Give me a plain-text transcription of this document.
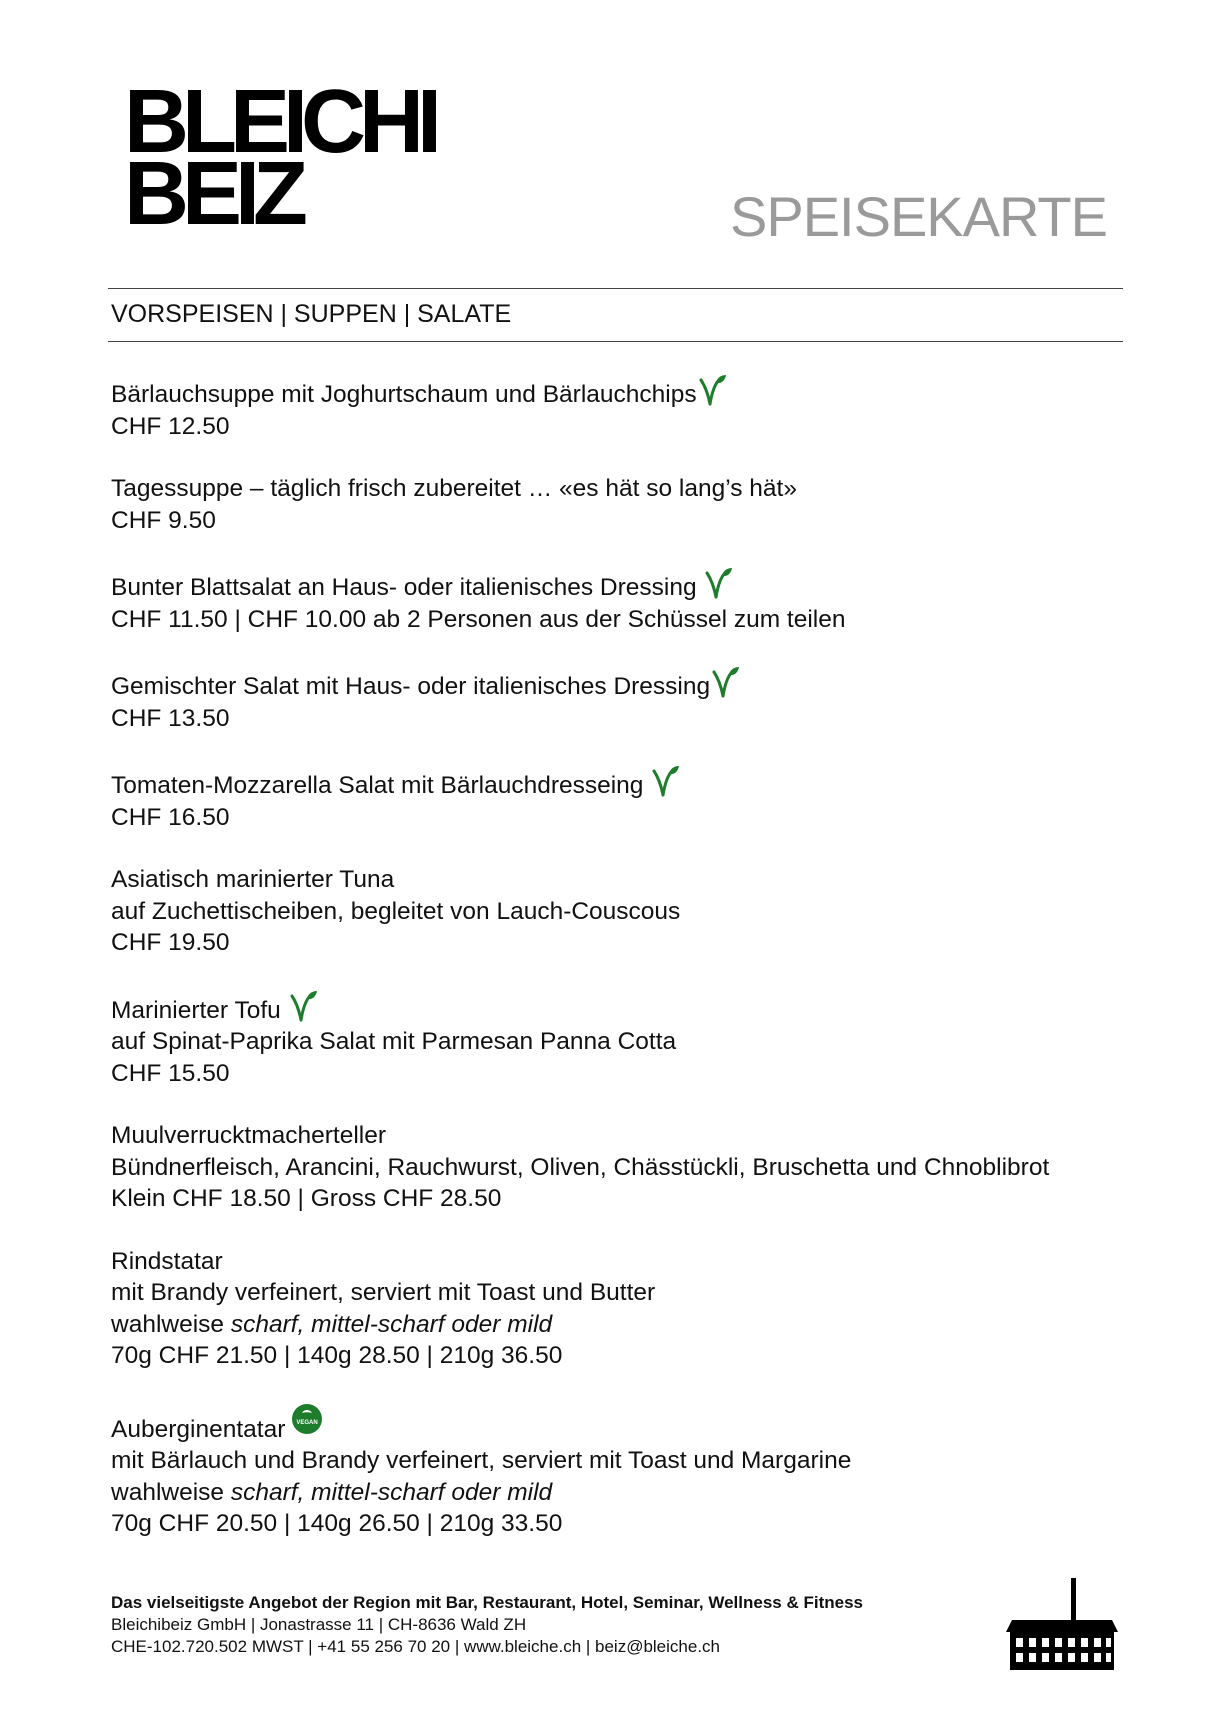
BLEICHI
BEIZ	SPEISEKARTE
VORSPEISEN | SUPPEN | SALATE
Bärlauchsuppe mit Joghurtschaum und Bärlauchchips
CHF 12.50
Tagessuppe – täglich frisch zubereitet … «es hät so lang’s hät»
CHF 9.50
Bunter Blattsalat an Haus- oder italienisches Dressing
CHF 11.50 | CHF 10.00 ab 2 Personen aus der Schüssel zum teilen
Gemischter Salat mit Haus- oder italienisches Dressing
CHF 13.50
Tomaten-Mozzarella Salat mit Bärlauchdresseing
CHF 16.50
Asiatisch marinierter Tuna
auf Zuchettischeiben, begleitet von Lauch-Couscous
CHF 19.50
Marinierter Tofu
auf Spinat-Paprika Salat mit Parmesan Panna Cotta
CHF 15.50
Muulverrucktmacherteller
Bündnerfleisch, Arancini, Rauchwurst, Oliven, Chässtückli, Bruschetta und Chnoblibrot
Klein CHF 18.50 | Gross CHF 28.50
Rindstatar
mit Brandy verfeinert, serviert mit Toast und Butter
wahlweise scharf, mittel-scharf oder mild
70g CHF 21.50 | 140g 28.50 | 210g 36.50
Auberginentatar VEGAN
mit Bärlauch und Brandy verfeinert, serviert mit Toast und Margarine
wahlweise scharf, mittel-scharf oder mild
70g CHF 20.50 | 140g 26.50 | 210g 33.50
Das vielseitigste Angebot der Region mit Bar, Restaurant, Hotel, Seminar, Wellness & Fitness
Bleichibeiz GmbH | Jonastrasse 11 | CH-8636 Wald ZH
CHE-102.720.502 MWST | +41 55 256 70 20 | www.bleiche.ch | beiz@bleiche.ch
